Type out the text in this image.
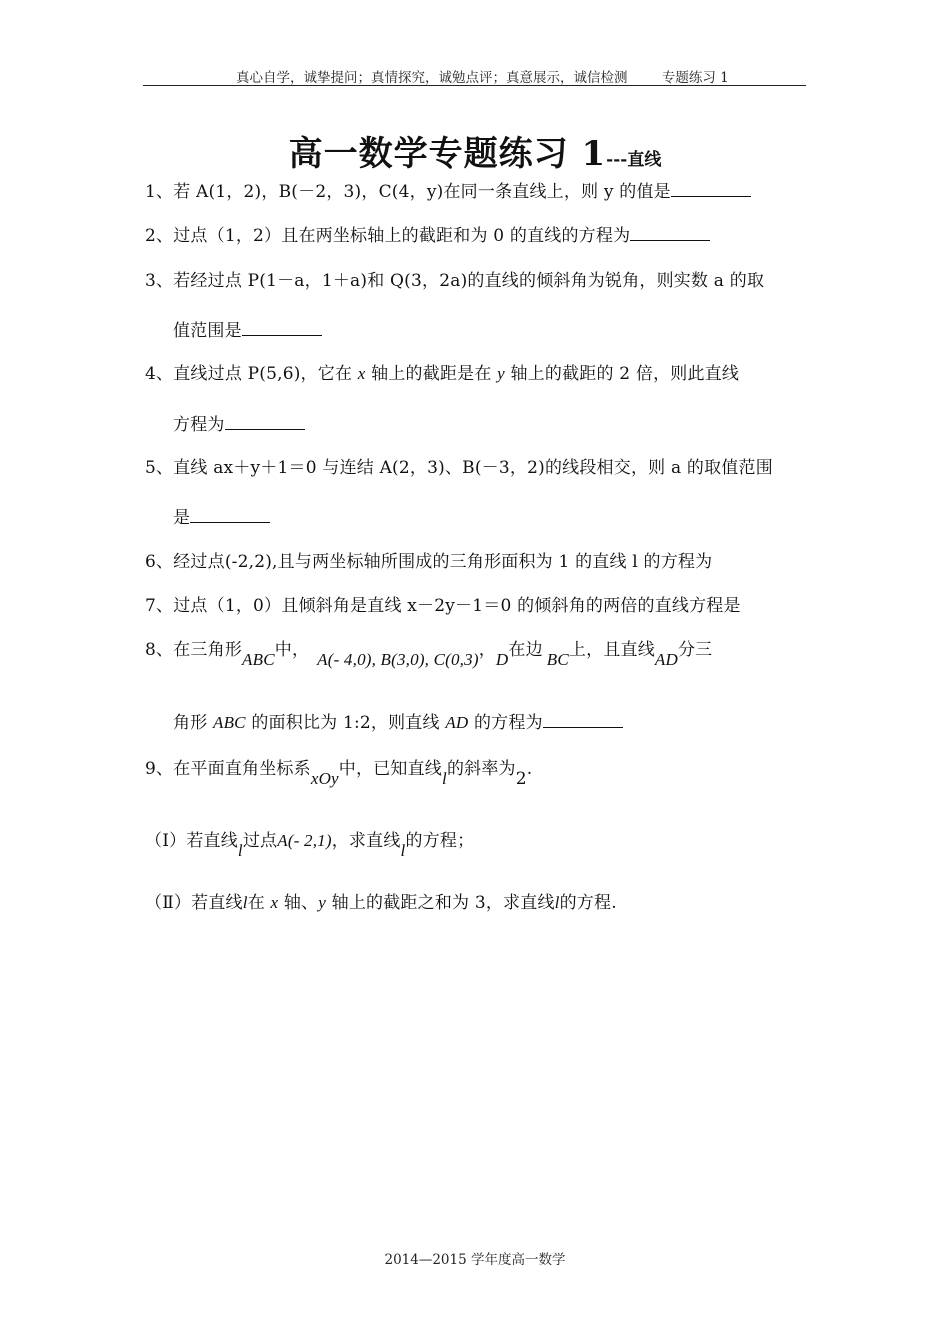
真心自学，诚挚提问；真情探究，诚勉点评；真意展示，诚信检测	专题练习 1
高一数学专题练习 1---直线
1、若 A(1，2)，B(－2，3)，C(4，y)在同一条直线上，则 y 的值是
2、过点（1，2）且在两坐标轴上的截距和为 0 的直线的方程为
3、若经过点 P(1－a，1＋a)和 Q(3，2a)的直线的倾斜角为锐角，则实数 a 的取
值范围是
4、直线过点 P(5,6)，它在 x 轴上的截距是在 y 轴上的截距的 2 倍，则此直线
方程为
5、直线 ax＋y＋1＝0 与连结 A(2，3)、B(－3，2)的线段相交，则 a 的取值范围
是
6、经过点(-2,2),且与两坐标轴所围成的三角形面积为 1 的直线 l 的方程为
7、过点（1，0）且倾斜角是直线 x－2y－1＝0 的倾斜角的两倍的直线方程是
8、在三角形ABC中， A(- 4,0), B(3,0), C(0,3)，D在边 BC上，且直线AD分三
角形 ABC 的面积比为 1:2，则直线 AD 的方程为
9、在平面直角坐标系xOy中，已知直线l的斜率为2.
（Ⅰ）若直线l过点A(- 2,1)，求直线l的方程；
（Ⅱ）若直线l在 x 轴、y 轴上的截距之和为 3，求直线l的方程.
2014—2015 学年度高一数学
